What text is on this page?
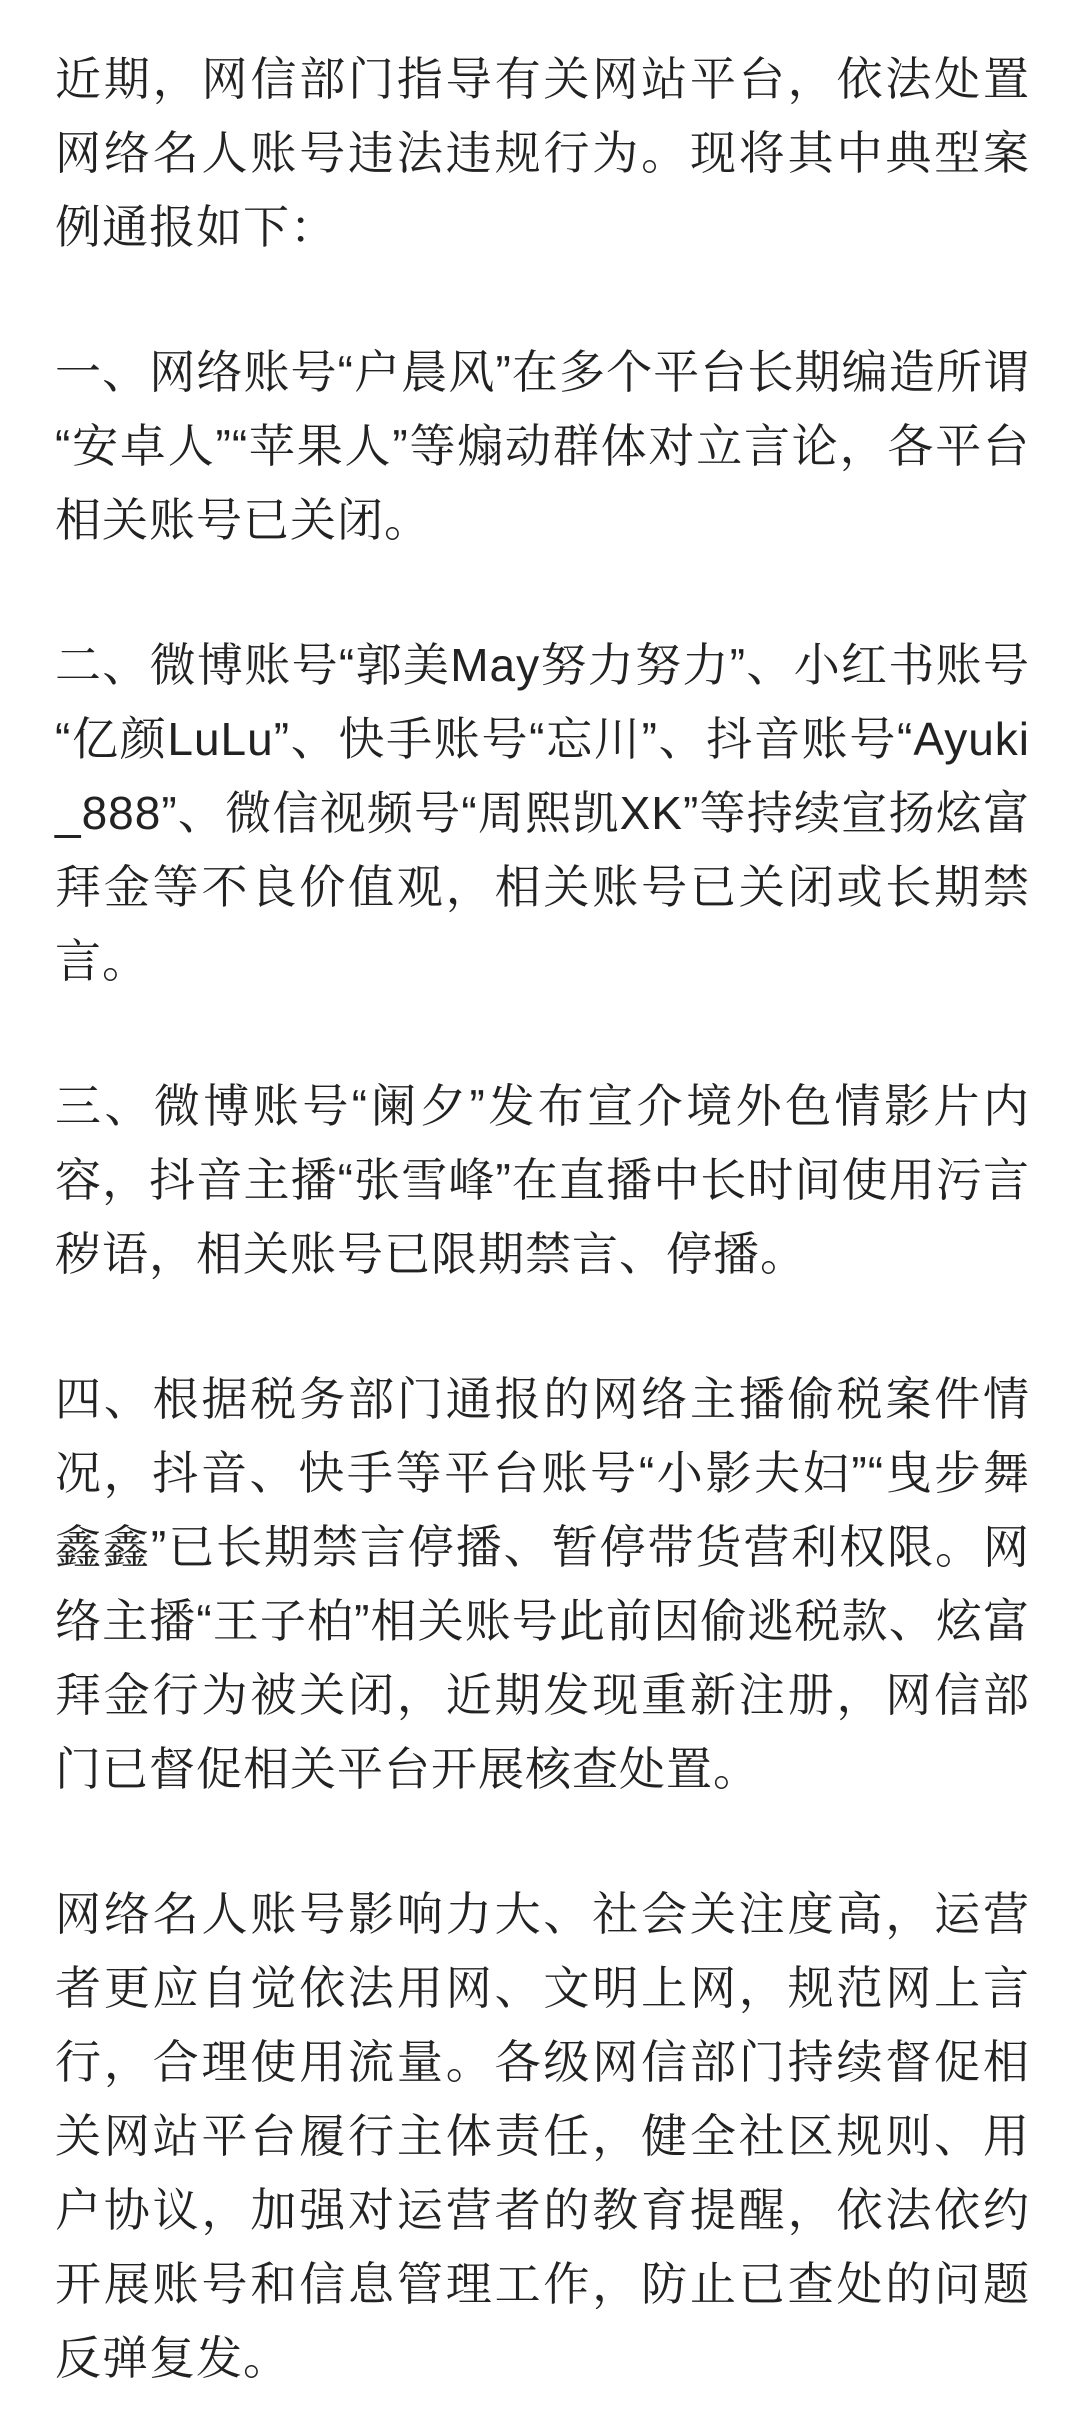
近期，网信部门指导有关网站平台，依法处置网络名人账号违法违规行为。现将其中典型案例通报如下：

一、网络账号“户晨风”在多个平台长期编造所谓“安卓人”“苹果人”等煽动群体对立言论，各平台相关账号已关闭。

二、微博账号“郭美May努力努力”、小红书账号“亿颜LuLu”、快手账号“忘川”、抖音账号“Ayuki_888”、微信视频号“周熙凯XK”等持续宣扬炫富拜金等不良价值观，相关账号已关闭或长期禁言。

三、微博账号“阑夕”发布宣介境外色情影片内容，抖音主播“张雪峰”在直播中长时间使用污言秽语，相关账号已限期禁言、停播。

四、根据税务部门通报的网络主播偷税案件情况，抖音、快手等平台账号“小影夫妇”“曳步舞鑫鑫”已长期禁言停播、暂停带货营利权限。网络主播“王子柏”相关账号此前因偷逃税款、炫富拜金行为被关闭，近期发现重新注册，网信部门已督促相关平台开展核查处置。

网络名人账号影响力大、社会关注度高，运营者更应自觉依法用网、文明上网，规范网上言行，合理使用流量。各级网信部门持续督促相关网站平台履行主体责任，健全社区规则、用户协议，加强对运营者的教育提醒，依法依约开展账号和信息管理工作，防止已查处的问题反弹复发。
